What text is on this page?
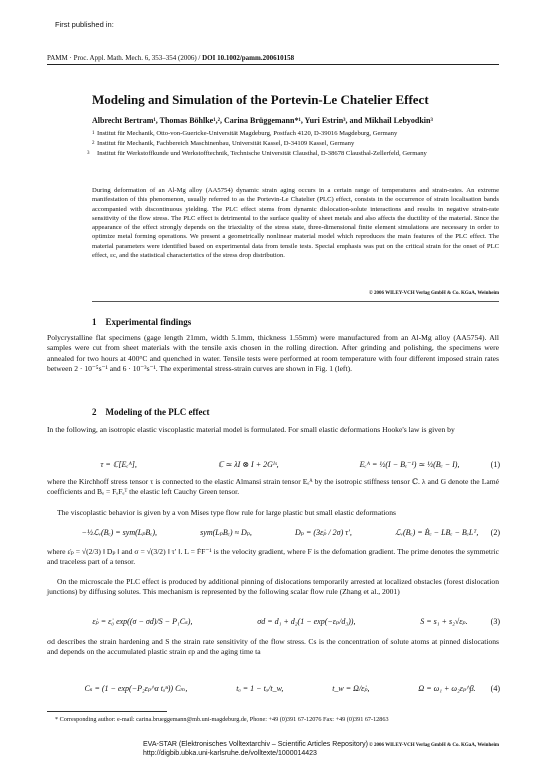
First published in:
PAMM · Proc. Appl. Math. Mech. 6, 353–354 (2006) / DOI 10.1002/pamm.200610158
Modeling and Simulation of the Portevin-Le Chatelier Effect
Albrecht Bertram¹, Thomas Böhlke¹,², Carina Brüggemann*¹, Yuri Estrin³, and Mikhail Lebyodkin³
1 Institut für Mechanik, Otto-von-Guericke-Universität Magdeburg, Postfach 4120, D-39016 Magdeburg, Germany
2 Institut für Mechanik, Fachbereich Maschinenbau, Universität Kassel, D-34109 Kassel, Germany
3 Institut für Werkstoffkunde und Werkstofftechnik, Technische Universität Clausthal, D-38678 Clausthal-Zellerfeld, Germany
During deformation of an Al-Mg alloy (AA5754) dynamic strain aging occurs in a certain range of temperatures and strain-rates. An extreme manifestation of this phenomenon, usually referred to as the Portevin-Le Chatelier (PLC) effect, consists in the occurrence of strain localisation bands accompanied with discontinuous yielding. The PLC effect stems from dynamic dislocation-solute interactions and results in negative strain-rate sensitivity of the flow stress. The PLC effect is detrimental to the surface quality of sheet metals and also affects the ductility of the material. Since the appearance of the effect strongly depends on the triaxiality of the stress state, three-dimensional finite element simulations are necessary in order to optimize metal forming operations. We present a geometrically nonlinear material model which reproduces the main features of the PLC effect. The material parameters were identified based on experimental data from tensile tests. Special emphasis was put on the critical strain for the onset of PLC effect, εc, and the statistical characteristics of the stress drop distribution.
© 2006 WILEY-VCH Verlag GmbH & Co. KGaA, Weinheim
1 Experimental findings
Polycrystalline flat specimens (gage length 21mm, width 5.1mm, thickness 1.55mm) were manufactured from an Al-Mg alloy (AA5754). All samples were cut from sheet materials with the tensile axis chosen in the rolling direction. After grinding and polishing, the specimens were annealed for two hours at 400°C and quenched in water. Tensile tests were performed at room temperature with four different imposed strain rates between 2 · 10⁻⁵s⁻¹ and 6 · 10⁻³s⁻¹. The experimental stress-strain curves are shown in Fig. 1 (left).
2 Modeling of the PLC effect
In the following, an isotropic elastic viscoplastic material model is formulated. For small elastic deformations Hooke's law is given by
τ = ℂ[Eₑᴬ],	ℂ ≃ λI ⊗ I + 2Gᴵˢ,	Eₑᴬ = ½(I − Bₑ⁻¹) ≃ ½(Bₑ − I),	(1)
where the Kirchhoff stress tensor τ is connected to the elastic Almansi strain tensor Eₑᴬ by the isotropic stiffness tensor ℂ. λ and G denote the Lamé coefficients and Bₑ = FₑFₑᵀ the elastic left Cauchy Green tensor.
The viscoplastic behavior is given by a von Mises type flow rule for large plastic but small elastic deformations
−½ℒᵥ(Bₑ) = sym(LₚBₑ),	sym(LₚBₑ) ≈ Dₚ,	Dₚ = (3ε̇ₚ / 2σ) τ′,	ℒᵥ(Bₑ) = Ḃₑ − LBₑ − BₑLᵀ, (2)
where ε̇ₚ = √(2/3) ‖ Dₚ ‖ and σ = √(3/2) ‖ τ′ ‖. L = ḞF⁻¹ is the velocity gradient, where F is the defomation gradient. The prime denotes the symmetric and traceless part of a tensor.
On the microscale the PLC effect is produced by additional pinning of dislocations temporarily arrested at localized obstacles (forest dislocation junctions) by diffusing solutes. This mechanism is represented by the following scalar flow rule (Zhang et al., 2001)
ε̇ₚ = ε̇₀ exp((σ − σd)/S − P₁Cₛ),	σd = d₁ + d₂(1 − exp(−εₚ/d₃)),	S = s₁ + s₂√εₚ.	(3)
σd describes the strain hardening and S the strain rate sensitivity of the flow stress. Cs is the concentration of solute atoms at pinned dislocations and depends on the accumulated plastic strain εp and the aging time ta
Cₛ = (1 − exp(−P₂εₚ^α tₐⁿ)) Cₘ,	tₐ = 1 − tₐ/t_w,	t_w = Ω/ε̇ₚ,	Ω = ω₁ + ω₂εₚ^β. (4)
* Corresponding author: e-mail: carina.brueggemann@mb.uni-magdeburg.de, Phone: +49 (0)391 67-12076 Fax: +49 (0)391 67-12863
EVA-STAR (Elektronisches Volltextarchiv – Scientific Articles Repository)
http://digbib.ubka.uni-karlsruhe.de/volltexte/1000014423
© 2006 WILEY-VCH Verlag GmbH & Co. KGaA, Weinheim
